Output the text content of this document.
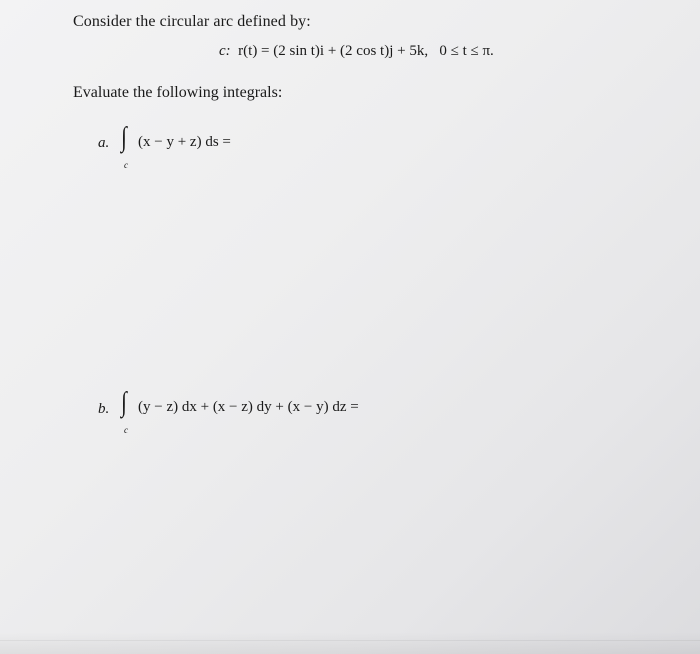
Consider the circular arc defined by:
c: r(t) = (2 sin t)i + (2 cos t)j + 5k, 0 ≤ t ≤ π.
Evaluate the following integrals:
a. ∫
c
(x − y + z) ds =
b. ∫
c
(y − z) dx + (x − z) dy + (x − y) dz =
